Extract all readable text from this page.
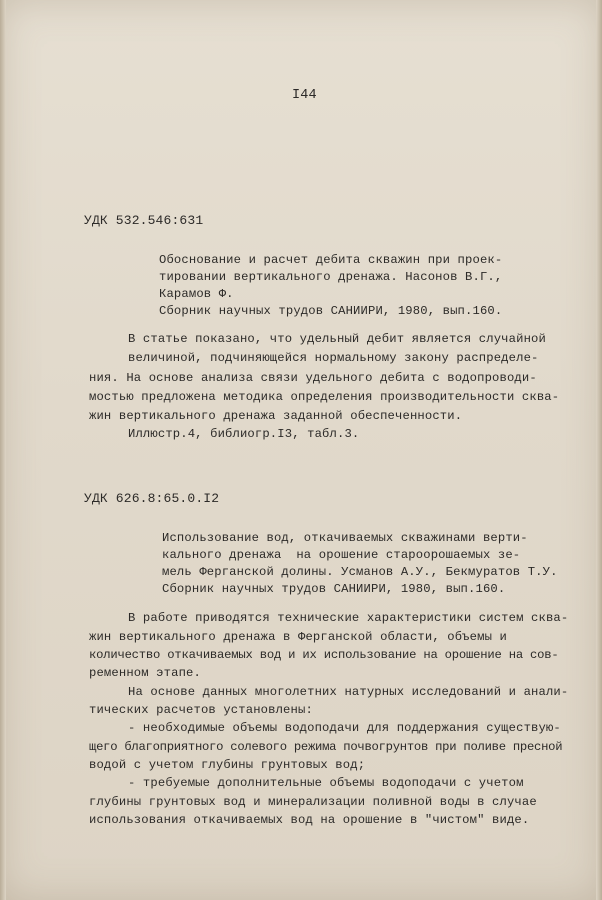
I44
УДК 532.546:631
Обоснование и расчет дебита скважин при проек-
тировании вертикального дренажа. Насонов В.Г.,
Карамов Ф.
Сборник научных трудов САНИИРИ, 1980, вып.160.
В статье показано, что удельный дебит является случайной
величиной, подчиняющейся нормальному закону распределе-
ния. На основе анализа связи удельного дебита с водопроводи-
мостью предложена методика определения производительности сква-
жин вертикального дренажа заданной обеспеченности.
Иллюстр.4, библиогр.I3, табл.3.
УДК 626.8:65.0.I2
Использование вод, откачиваемых скважинами верти-
кального дренажа  на орошение староорошаемых зе-
мель Ферганской долины. Усманов А.У., Бекмуратов Т.У.
Сборник научных трудов САНИИРИ, 1980, вып.160.
В работе приводятся технические характеристики систем сква-
жин вертикального дренажа в Ферганской области, объемы и
количество откачиваемых вод и их использование на орошение на сов-
ременном этапе.
На основе данных многолетних натурных исследований и анали-
тических расчетов установлены:
- необходимые объемы водоподачи для поддержания существую-
щего благоприятного солевого режима почвогрунтов при поливе пресной
водой с учетом глубины грунтовых вод;
- требуемые дополнительные объемы водоподачи с учетом
глубины грунтовых вод и минерализации поливной воды в случае
использования откачиваемых вод на орошение в "чистом" виде.
